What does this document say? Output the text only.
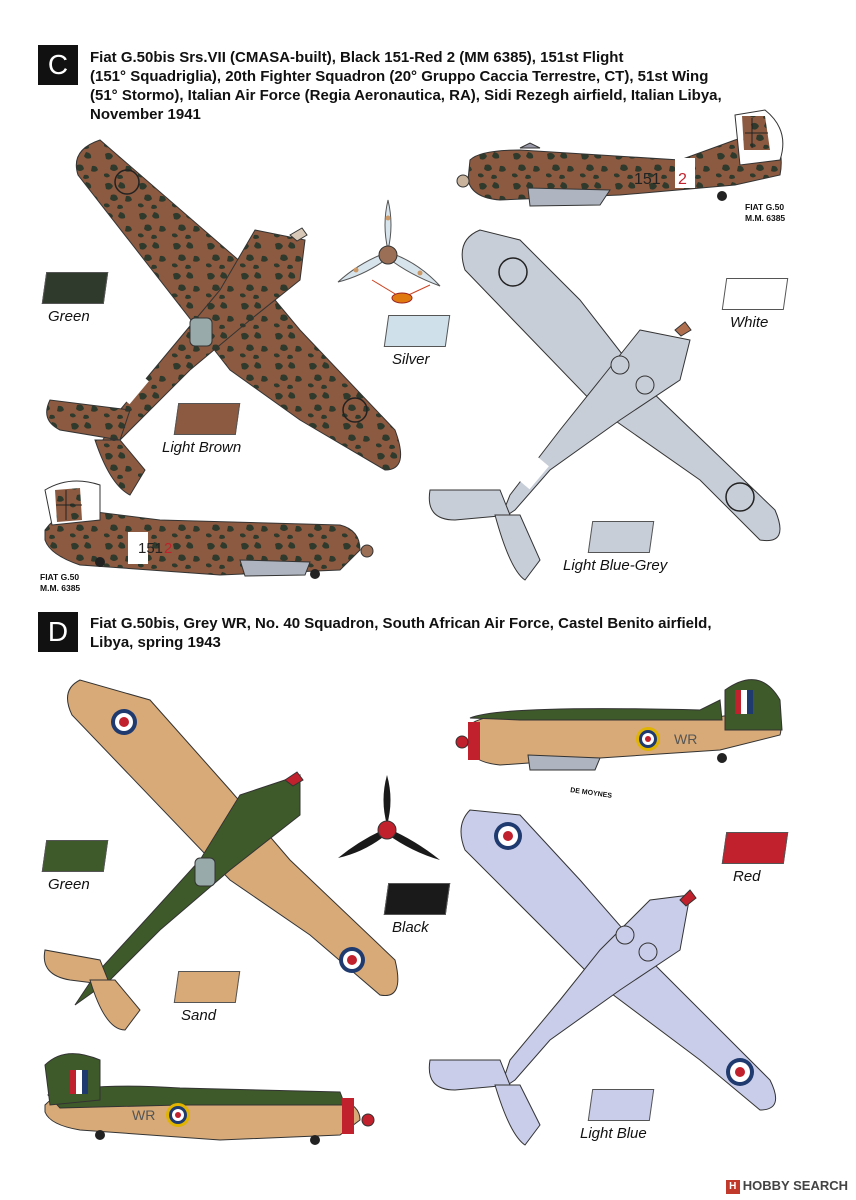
C	Fiat G.50bis Srs.VII (CMASA-built), Black 151-Red 2 (MM 6385), 151st Flight
(151° Squadriglia), 20th Fighter Squadron (20° Gruppo Caccia Terrestre, CT), 51st Wing
(51° Stormo), Italian Air Force (Regia Aeronautica, RA), Sidi Rezegh airfield, Italian Libya,
November 1941

151 2
151 2
WR
DE MOYNES
WR
FIAT G.50
M.M. 6385
FIAT G.50
M.M. 6385
Green
Silver
White
Light Brown
Light Blue-Grey
D	Fiat G.50bis, Grey WR, No. 40 Squadron, South African Air Force, Castel Benito airfield,
Libya, spring 1943

Green
Black
Red
Sand
Light Blue
H HOBBY SEARCH
